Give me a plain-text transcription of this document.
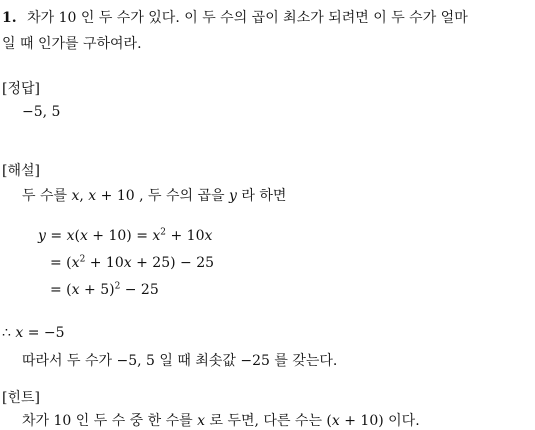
1. 차가 10 인 두 수가 있다. 이 두 수의 곱이 최소가 되려면 이 두 수가 얼마
일 때 인가를 구하여라.
[정답]
−5, 5
[해설]
두 수를 x, x + 10 , 두 수의 곱을 y 라 하면
$y = x(x + 10) = x^2 + 10x$
= $(x^2 + 10x + 25) - 25$
= $(x + 5)^2 - 25$
∴ x = −5
따라서 두 수가 −5, 5 일 때 최솟값 −25 를 갖는다.
[힌트]
차가 10 인 두 수 중 한 수를 x 로 두면, 다른 수는 (x + 10) 이다.
